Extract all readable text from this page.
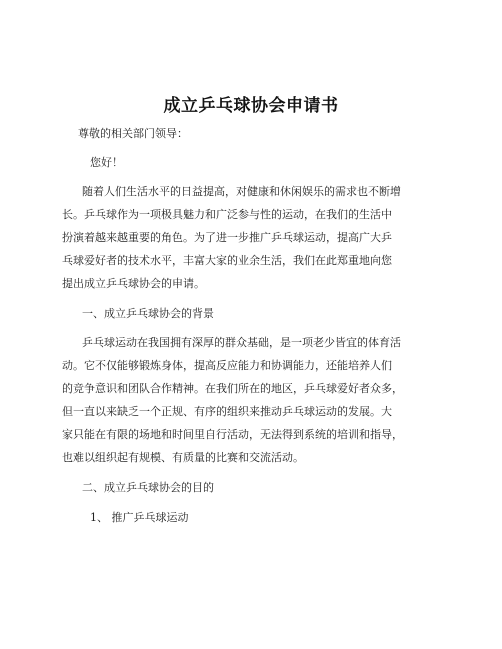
成立乒乓球协会申请书
尊敬的相关部门领导：
您好！
随着人们生活水平的日益提高，对健康和休闲娱乐的需求也不断增
长。乒乓球作为一项极具魅力和广泛参与性的运动，在我们的生活中
扮演着越来越重要的角色。为了进一步推广乒乓球运动，提高广大乒
乓球爱好者的技术水平，丰富大家的业余生活，我们在此郑重地向您
提出成立乒乓球协会的申请。
一、成立乒乓球协会的背景
乒乓球运动在我国拥有深厚的群众基础，是一项老少皆宜的体育活
动。它不仅能够锻炼身体，提高反应能力和协调能力，还能培养人们
的竞争意识和团队合作精神。在我们所在的地区，乒乓球爱好者众多，
但一直以来缺乏一个正规、有序的组织来推动乒乓球运动的发展。大
家只能在有限的场地和时间里自行活动，无法得到系统的培训和指导，
也难以组织起有规模、有质量的比赛和交流活动。
二、成立乒乓球协会的目的
1、 推广乒乓球运动
